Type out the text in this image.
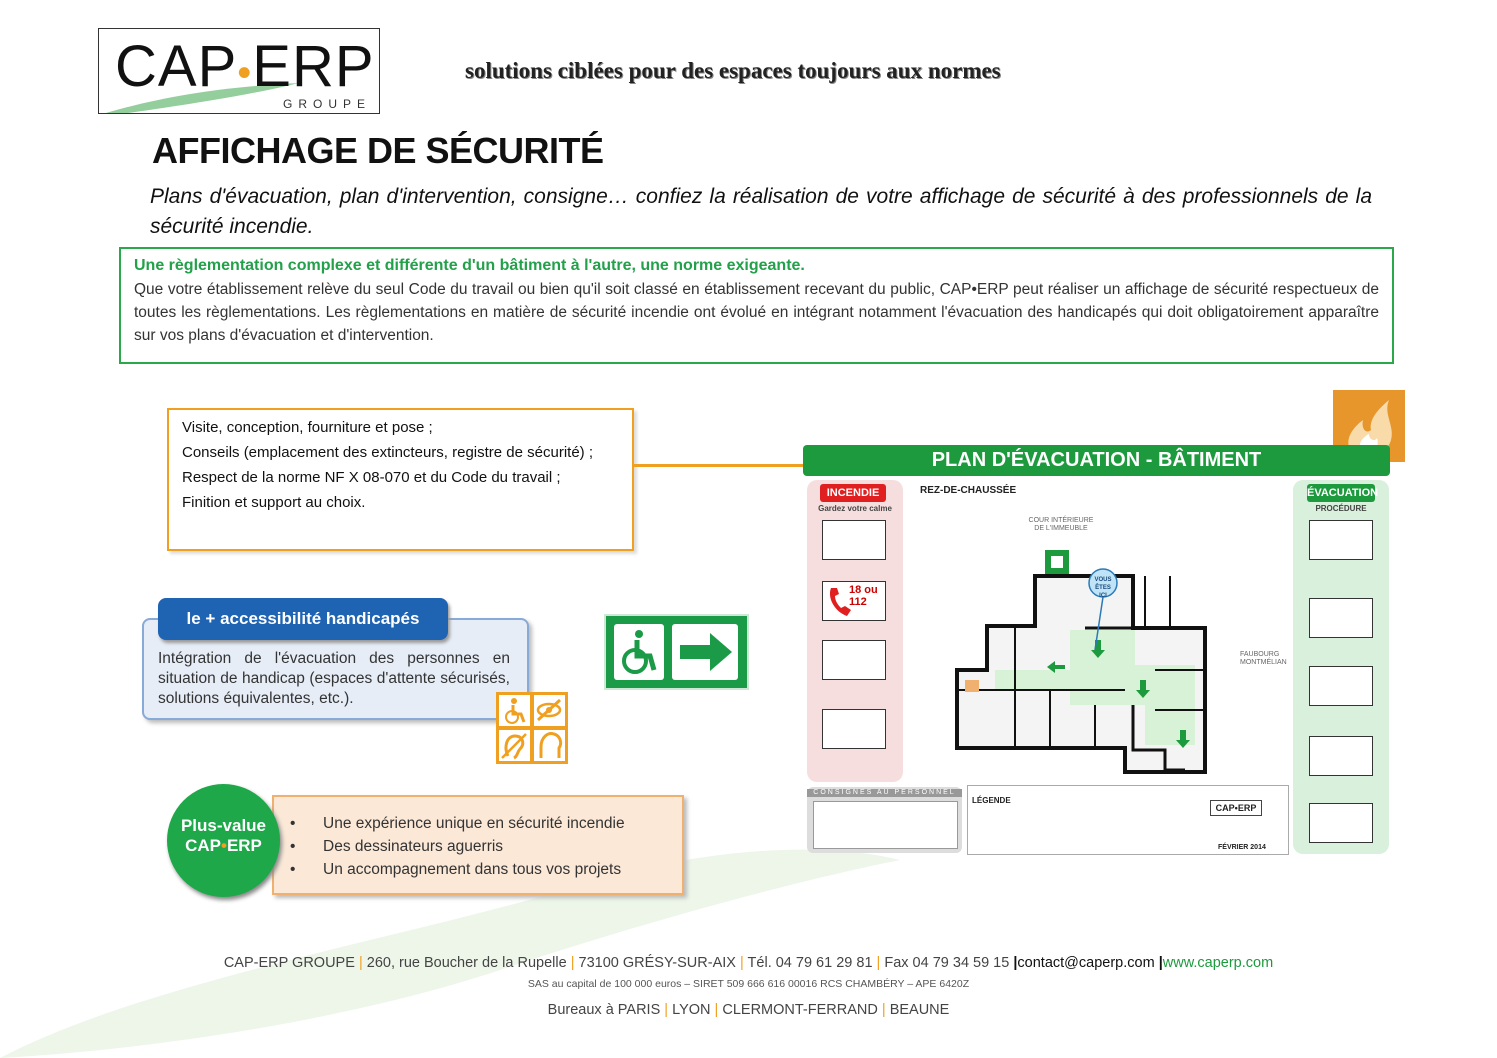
CAP•ERP
GROUPE
solutions ciblées pour des espaces toujours aux normes
AFFICHAGE DE SÉCURITÉ
Plans d'évacuation, plan d'intervention, consigne… confiez la réalisation de votre affichage de sécurité à des professionnels de la sécurité incendie.
Une règlementation complexe et différente d'un bâtiment à l'autre, une norme exigeante.
Que votre établissement relève du seul Code du travail ou bien qu'il soit classé en établissement recevant du public, CAP•ERP peut réaliser un affichage de sécurité respectueux de toutes les règlementations. Les règlementations en matière de sécurité incendie ont évolué en intégrant notamment l'évacuation des handicapés qui doit obligatoirement apparaître sur vos plans d'évacuation et d'intervention.
Visite, conception, fourniture et pose ;
Conseils (emplacement des extincteurs, registre de sécurité) ;
Respect de la norme NF X 08-070 et du Code du travail ;
Finition et support au choix.
le + accessibilité handicapés
Intégration de l'évacuation des personnes en situation de handicap (espaces d'attente sécurisés, solutions équivalentes, etc.).
Plus-value
CAP•ERP
• Une expérience unique en sécurité incendie
• Des dessinateurs aguerris
• Un accompagnement dans tous vos projets
PLAN D'ÉVACUATION - BÂTIMENT
INCENDIE
Gardez votre calme
18 ou 112
REZ-DE-CHAUSSÉE
COUR INTÉRIEURE DE L'IMMEUBLE
FAUBOURG MONTMÉLIAN
VOUS ÊTES ICI
ÉVACUATION
PROCÉDURE
CONSIGNES AU PERSONNEL
LÉGENDE
CAP•ERP
FÉVRIER 2014
CAP-ERP GROUPE | 260, rue Boucher de la Rupelle | 73100 GRÉSY-SUR-AIX | Tél. 04 79 61 29 81 | Fax 04 79 34 59 15 |contact@caperp.com |www.caperp.com
SAS au capital de 100 000 euros – SIRET 509 666 616 00016 RCS CHAMBÉRY – APE 6420Z
Bureaux à PARIS | LYON | CLERMONT-FERRAND | BEAUNE
